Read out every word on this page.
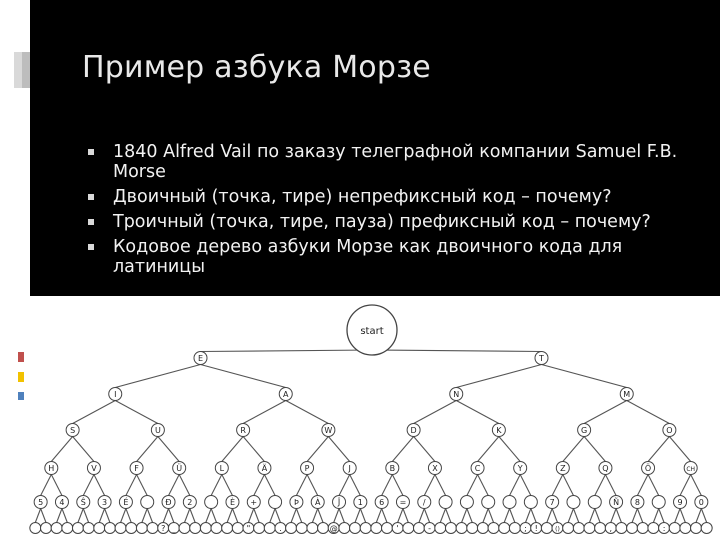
Пример азбука Морзе
1840 Alfred Vail по заказу телеграфной компании Samuel F.B. Morse
Двоичный (точка, тире) непрефиксный код – почему?
Троичный (точка, тире, пауза) префиксный код – почему?
Кодовое дерево азбуки Морзе как двоичного кода для латиницы
start
E	T
I	A	N	M
S	U	R	W	D	K	G	O
H	V	F	Ü	L	Ä	P	J	B	X	C	Y	Z	Q	Ö	CH
5 4 Ŝ 3 É	Đ 2	È +	Þ À Ĵ 1 6 = /	7	Ñ 8	9 0
? _	"	.	@	'	-	; !	()	,	:
